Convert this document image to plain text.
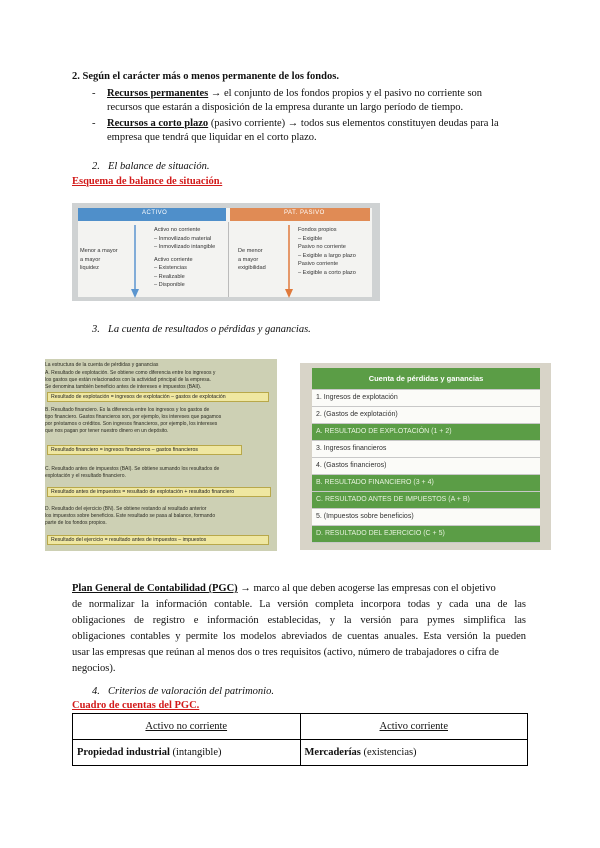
2. Según el carácter más o menos permanente de los fondos.
- Recursos permanentes → el conjunto de los fondos propios y el pasivo no corriente son
recursos que estarán a disposición de la empresa durante un largo período de tiempo.
- Recursos a corto plazo (pasivo corriente) → todos sus elementos constituyen deudas para la
empresa que tendrá que liquidar en el corto plazo.
2. El balance de situación.
Esquema de balance de situación.
ACTIVO	PAT. PASIVO
Menor a mayor
a mayor
liquidez
Activo no corriente
– Inmovilizado material
– Inmovilizado intangible
Activo corriente
– Existencias
– Realizable
– Disponible
De menor
a mayor
exigibilidad
Fondos propios
– Exigible
Pasivo no corriente
– Exigible a largo plazo
Pasivo corriente
– Exigible a corto plazo
3. La cuenta de resultados o pérdidas y ganancias.
La estructura de la cuenta de pérdidas y ganancias
A. Resultado de explotación. Se obtiene como diferencia entre los ingresos y
los gastos que están relacionados con la actividad principal de la empresa.
Se denomina también beneficio antes de intereses e impuestos (BAII).
Resultado de explotación = ingresos de explotación – gastos de explotación
B. Resultado financiero. Es la diferencia entre los ingresos y los gastos de
tipo financiero. Gastos financieros son, por ejemplo, los intereses que pagamos
por préstamos o créditos. Son ingresos financieros, por ejemplo, los intereses
que nos pagan por tener nuestro dinero en un depósito.
Resultado financiero = ingresos financieros – gastos financieros
C. Resultado antes de impuestos (BAI). Se obtiene sumando los resultados de
explotación y el resultado financiero.
Resultado antes de impuestos = resultado de explotación + resultado financiero
D. Resultado del ejercicio (BN). Se obtiene restando al resultado anterior
los impuestos sobre beneficios. Este resultado se pasa al balance, formando
parte de los fondos propios.
Resultado del ejercicio = resultado antes de impuestos – impuestos
Cuenta de pérdidas y ganancias
1. Ingresos de explotación
2. (Gastos de explotación)
A. RESULTADO DE EXPLOTACIÓN (1 + 2)
3. Ingresos financieros
4. (Gastos financieros)
B. RESULTADO FINANCIERO (3 + 4)
C. RESULTADO ANTES DE IMPUESTOS (A + B)
5. (Impuestos sobre beneficios)
D. RESULTADO DEL EJERCICIO (C + 5)
Plan General de Contabilidad (PGC) → marco al que deben acogerse las empresas con el objetivo
de normalizar la información contable. La versión completa incorpora todas y cada una de las
obligaciones de registro e información establecidas, y la versión para pymes simplifica las
obligaciones contables y permite los modelos abreviados de cuentas anuales. Esta versión la pueden
usar las empresas que reúnan al menos dos o tres requisitos (activo, número de trabajadores o cifra de
negocios).
4. Criterios de valoración del patrimonio.
Cuadro de cuentas del PGC.
Activo no corriente	Activo corriente
Propiedad industrial (intangible)	Mercaderías (existencias)
